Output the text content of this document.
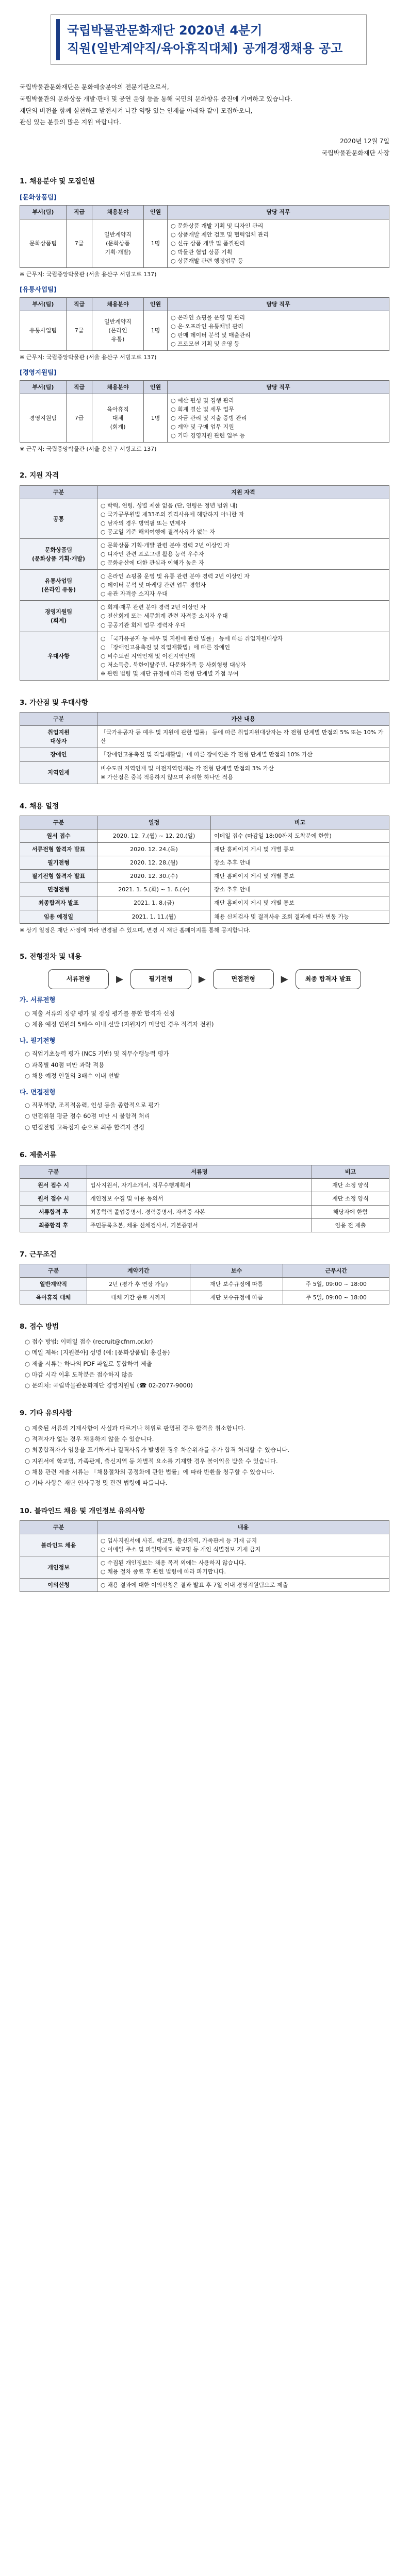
국립박물관문화재단 2020년 4분기
직원(일반계약직/육아휴직대체) 공개경쟁채용 공고
국립박물관문화재단은 문화예술분야의 전문기관으로서,
국립박물관의 문화상품 개발·판매 및 공연 운영 등을 통해 국민의 문화향유 증진에 기여하고 있습니다.
재단의 비전을 함께 실현하고 발전시켜 나갈 역량 있는 인재를 아래와 같이 모집하오니,
관심 있는 분들의 많은 지원 바랍니다.
2020년 12월 7일
국립박물관문화재단 사장
1. 채용분야 및 모집인원
[문화상품팀]
부서(팀)	직급	채용분야	인원	담당 직무
문화상품팀	7급	일반계약직
(문화상품
기획·개발)	1명	○ 문화상품 개발 기획 및 디자인 관리
○ 상품개발 제안 검토 및 협력업체 관리
○ 신규 상품 개발 및 품질관리
○ 박물관 협업 상품 기획
○ 상품개발 관련 행정업무 등
※ 근무지: 국립중앙박물관 (서울 용산구 서빙고로 137)
[유통사업팀]
부서(팀)	직급	채용분야	인원	담당 직무
유통사업팀	7급	일반계약직
(온라인
유통)	1명	○ 온라인 쇼핑몰 운영 및 관리
○ 온·오프라인 유통채널 관리
○ 판매 데이터 분석 및 매출관리
○ 프로모션 기획 및 운영 등
※ 근무지: 국립중앙박물관 (서울 용산구 서빙고로 137)
[경영지원팀]
부서(팀)	직급	채용분야	인원	담당 직무
경영지원팀	7급	육아휴직
대체
(회계)	1명	○ 예산 편성 및 집행 관리
○ 회계 결산 및 세무 업무
○ 자금 관리 및 지출 증빙 관리
○ 계약 및 구매 업무 지원
○ 기타 경영지원 관련 업무 등
※ 근무지: 국립중앙박물관 (서울 용산구 서빙고로 137)
2. 지원 자격
구분	지원 자격
공통	○ 학력, 연령, 성별 제한 없음 (단, 연령은 정년 범위 내)
○ 국가공무원법 제33조의 결격사유에 해당하지 아니한 자
○ 남자의 경우 병역필 또는 면제자
○ 공고일 기준 해외여행에 결격사유가 없는 자
문화상품팀
(문화상품 기획·개발)	○ 문화상품 기획·개발 관련 분야 경력 2년 이상인 자
○ 디자인 관련 프로그램 활용 능력 우수자
○ 문화유산에 대한 관심과 이해가 높은 자
유통사업팀
(온라인 유통)	○ 온라인 쇼핑몰 운영 및 유통 관련 분야 경력 2년 이상인 자
○ 데이터 분석 및 마케팅 관련 업무 경험자
○ 유관 자격증 소지자 우대
경영지원팀
(회계)	○ 회계·재무 관련 분야 경력 2년 이상인 자
○ 전산회계 또는 세무회계 관련 자격증 소지자 우대
○ 공공기관 회계 업무 경력자 우대
우대사항	○ 「국가유공자 등 예우 및 지원에 관한 법률」 등에 따른 취업지원대상자
○ 「장애인고용촉진 및 직업재활법」에 따른 장애인
○ 비수도권 지역인재 및 이전지역인재
○ 저소득층, 북한이탈주민, 다문화가족 등 사회형평 대상자
※ 관련 법령 및 재단 규정에 따라 전형 단계별 가점 부여
3. 가산점 및 우대사항
구분	가산 내용
취업지원
대상자	「국가유공자 등 예우 및 지원에 관한 법률」 등에 따른 취업지원대상자는 각 전형 단계별 만점의 5% 또는 10% 가산
장애인	「장애인고용촉진 및 직업재활법」에 따른 장애인은 각 전형 단계별 만점의 10% 가산
지역인재	비수도권 지역인재 및 이전지역인재는 각 전형 단계별 만점의 3% 가산
※ 가산점은 중복 적용하지 않으며 유리한 하나만 적용
4. 채용 일정
구분	일정	비고
원서 접수	2020. 12. 7.(월) ~ 12. 20.(일)	이메일 접수 (마감일 18:00까지 도착분에 한함)
서류전형 합격자 발표	2020. 12. 24.(목)	재단 홈페이지 게시 및 개별 통보
필기전형	2020. 12. 28.(월)	장소 추후 안내
필기전형 합격자 발표	2020. 12. 30.(수)	재단 홈페이지 게시 및 개별 통보
면접전형	2021. 1. 5.(화) ~ 1. 6.(수)	장소 추후 안내
최종합격자 발표	2021. 1. 8.(금)	재단 홈페이지 게시 및 개별 통보
임용 예정일	2021. 1. 11.(월)	채용 신체검사 및 결격사유 조회 결과에 따라 변동 가능
※ 상기 일정은 재단 사정에 따라 변경될 수 있으며, 변경 시 재단 홈페이지를 통해 공지합니다.
5. 전형절차 및 내용
서류전형	▶	필기전형	▶	면접전형	▶	최종 합격자 발표
가. 서류전형
○ 제출 서류의 정량 평가 및 정성 평가를 통한 합격자 선정
○ 채용 예정 인원의 5배수 이내 선발 (지원자가 미달인 경우 적격자 전원)
나. 필기전형
○ 직업기초능력 평가 (NCS 기반) 및 직무수행능력 평가
○ 과목별 40점 미만 과락 적용
○ 채용 예정 인원의 3배수 이내 선발
다. 면접전형
○ 직무역량, 조직적응력, 인성 등을 종합적으로 평가
○ 면접위원 평균 점수 60점 미만 시 불합격 처리
○ 면접전형 고득점자 순으로 최종 합격자 결정
6. 제출서류
구분	서류명	비고
원서 접수 시	입사지원서, 자기소개서, 직무수행계획서	재단 소정 양식
원서 접수 시	개인정보 수집 및 이용 동의서	재단 소정 양식
서류합격 후	최종학력 졸업증명서, 경력증명서, 자격증 사본	해당자에 한함
최종합격 후	주민등록초본, 채용 신체검사서, 기본증명서	임용 전 제출
7. 근무조건
구분	계약기간	보수	근무시간
일반계약직	2년 (평가 후 연장 가능)	재단 보수규정에 따름	주 5일, 09:00 ~ 18:00
육아휴직 대체	대체 기간 종료 시까지	재단 보수규정에 따름	주 5일, 09:00 ~ 18:00
8. 접수 방법
○ 접수 방법: 이메일 접수 (recruit@cfnm.or.kr)
○ 메일 제목: [지원분야] 성명 (예: [문화상품팀] 홍길동)
○ 제출 서류는 하나의 PDF 파일로 통합하여 제출
○ 마감 시각 이후 도착분은 접수하지 않음
○ 문의처: 국립박물관문화재단 경영지원팀 (☎ 02-2077-9000)
9. 기타 유의사항
○ 제출된 서류의 기재사항이 사실과 다르거나 허위로 판명될 경우 합격을 취소합니다.
○ 적격자가 없는 경우 채용하지 않을 수 있습니다.
○ 최종합격자가 임용을 포기하거나 결격사유가 발생한 경우 차순위자를 추가 합격 처리할 수 있습니다.
○ 지원서에 학교명, 가족관계, 출신지역 등 차별적 요소를 기재할 경우 불이익을 받을 수 있습니다.
○ 채용 관련 제출 서류는 「채용절차의 공정화에 관한 법률」에 따라 반환을 청구할 수 있습니다.
○ 기타 사항은 재단 인사규정 및 관련 법령에 따릅니다.
10. 블라인드 채용 및 개인정보 유의사항
구분	내용
블라인드 채용	○ 입사지원서에 사진, 학교명, 출신지역, 가족관계 등 기재 금지
○ 이메일 주소 및 파일명에도 학교명 등 개인 식별정보 기재 금지
개인정보	○ 수집된 개인정보는 채용 목적 외에는 사용하지 않습니다.
○ 채용 절차 종료 후 관련 법령에 따라 파기합니다.
이의신청	○ 채용 결과에 대한 이의신청은 결과 발표 후 7일 이내 경영지원팀으로 제출
